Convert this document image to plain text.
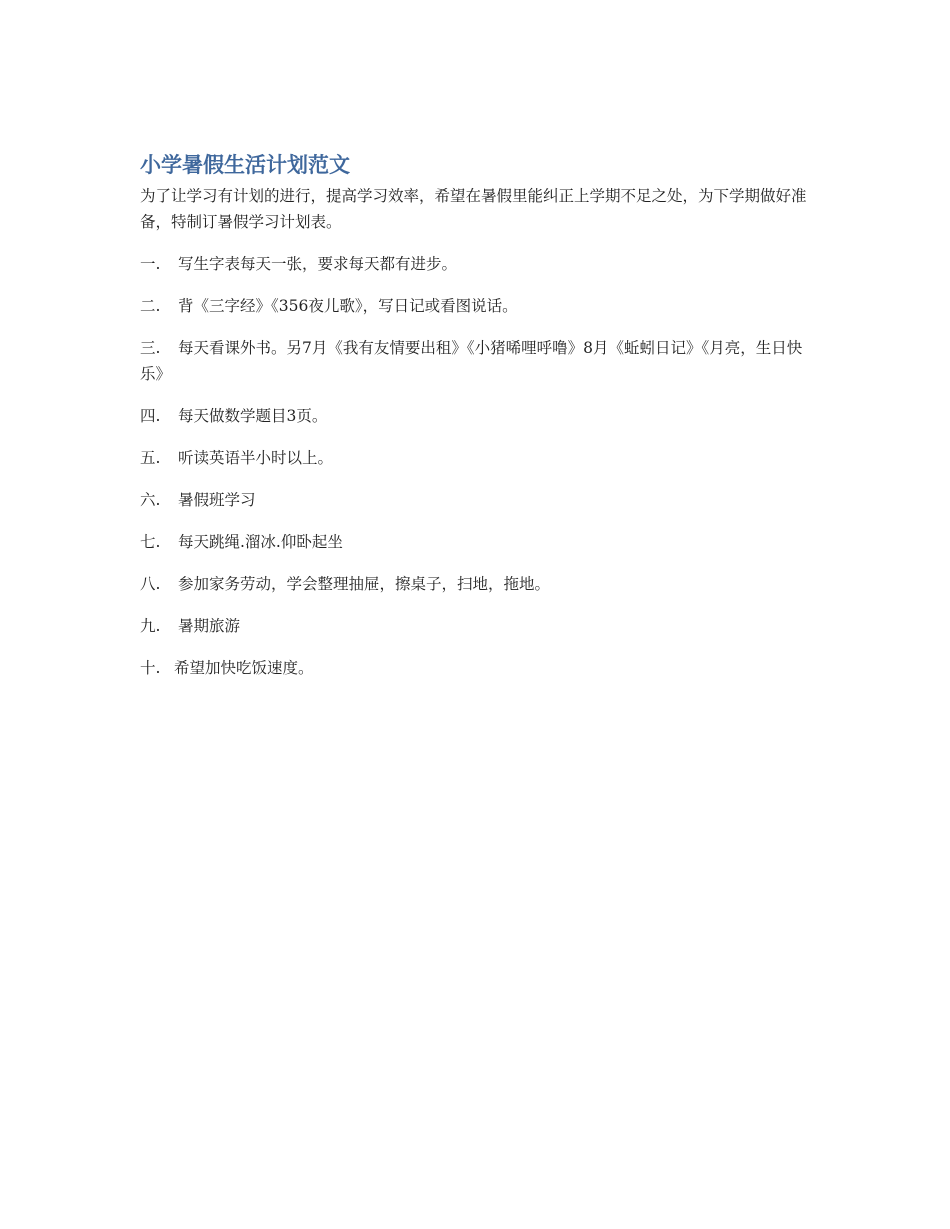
小学暑假生活计划范文

为了让学习有计划的进行，提高学习效率，希望在暑假里能纠正上学期不足之处，为下学期做好准备，特制订暑假学习计划表。

一. 写生字表每天一张，要求每天都有进步。

二. 背《三字经》《356夜儿歌》，写日记或看图说话。

三. 每天看课外书。另7月《我有友情要出租》《小猪唏哩呼噜》8月《蚯蚓日记》《月亮，生日快乐》

四. 每天做数学题目3页。

五. 听读英语半小时以上。

六. 暑假班学习

七. 每天跳绳.溜冰.仰卧起坐

八. 参加家务劳动，学会整理抽屉，擦桌子，扫地，拖地。

九. 暑期旅游

十. 希望加快吃饭速度。
